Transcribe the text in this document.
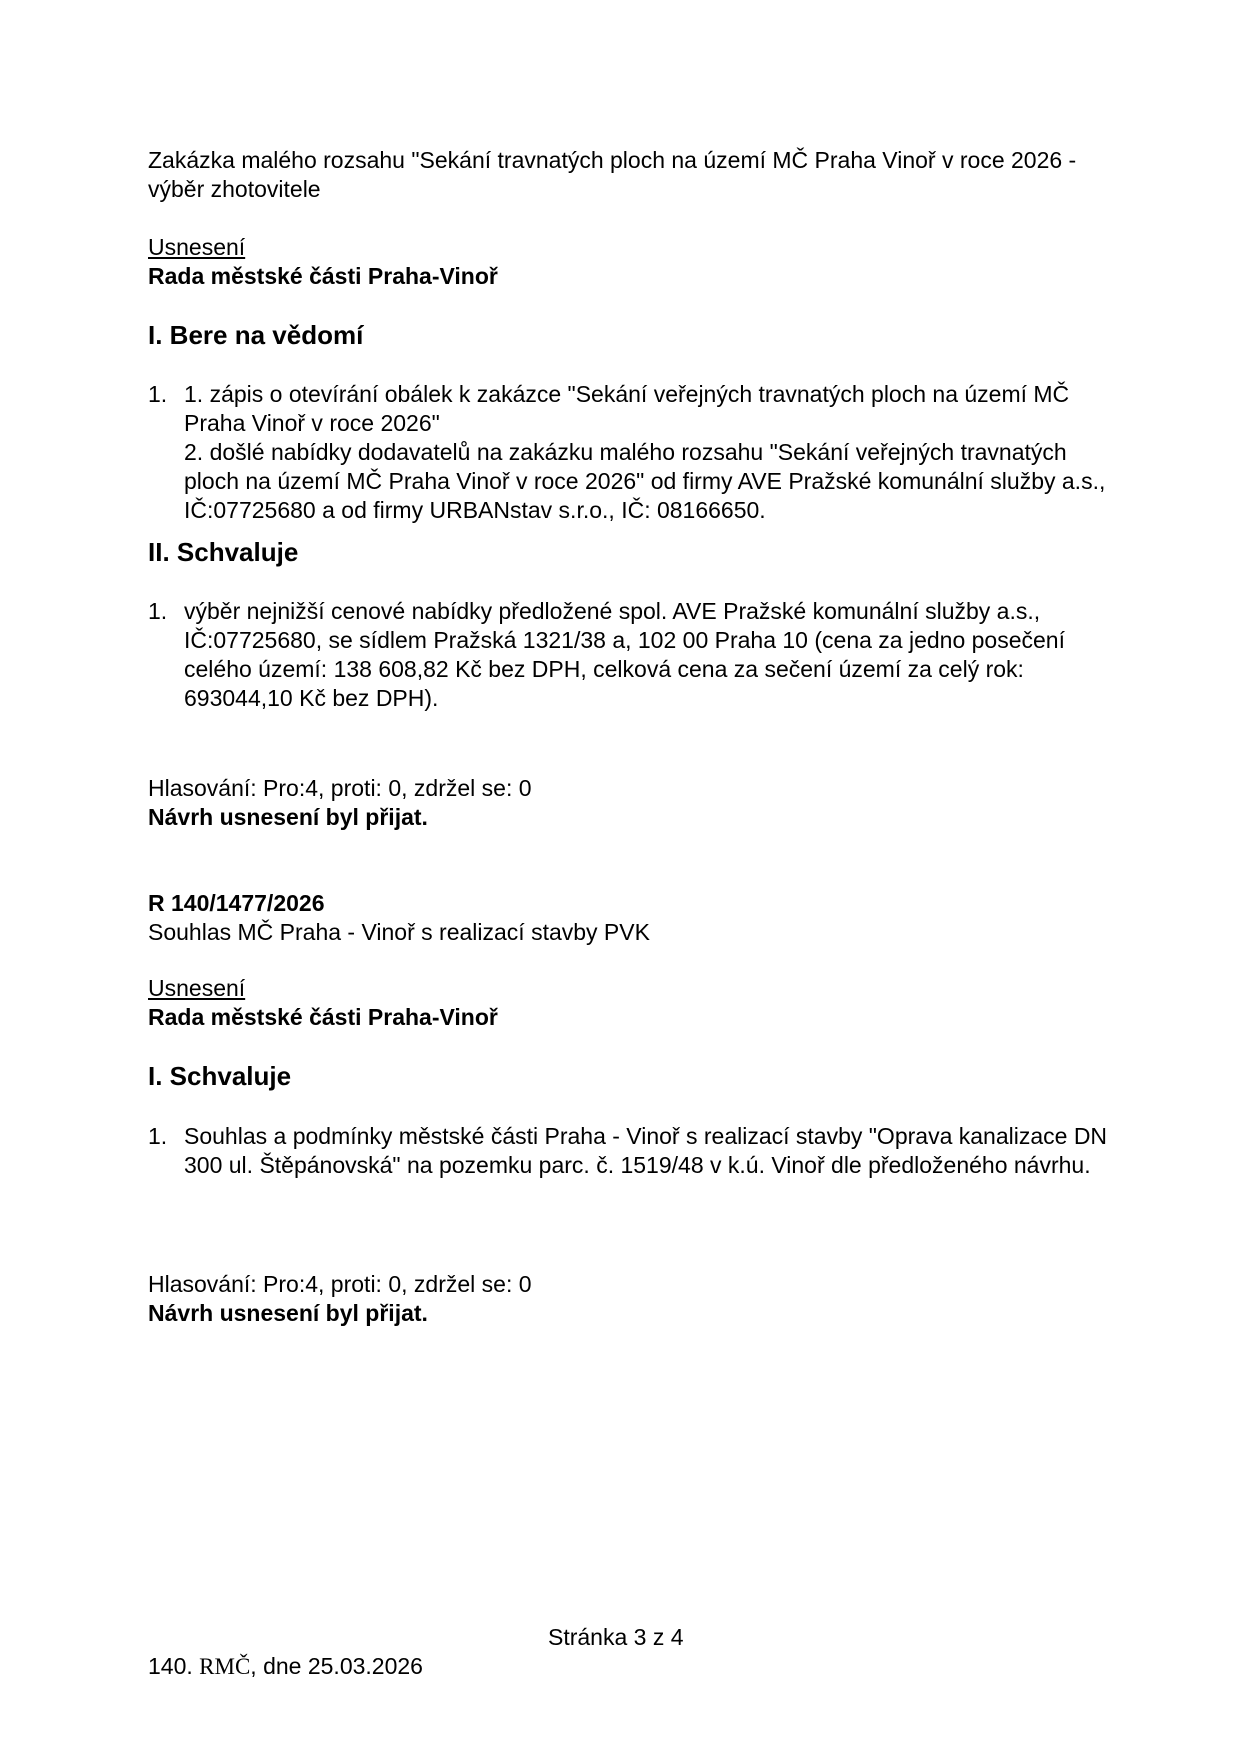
Zakázka malého rozsahu "Sekání travnatých ploch na území MČ Praha Vinoř v roce 2026 - výběr zhotovitele

Usnesení

Rada městské části Praha-Vinoř

I. Bere na vědomí

1. 1. zápis o otevírání obálek k zakázce "Sekání veřejných travnatých ploch na území MČ Praha Vinoř v roce 2026"

2. došlé nabídky dodavatelů na zakázku malého rozsahu "Sekání veřejných travnatých ploch na území MČ Praha Vinoř v roce 2026" od firmy AVE Pražské komunální služby a.s., IČ:07725680 a od firmy URBANstav s.r.o., IČ: 08166650.

II. Schvaluje

1. výběr nejnižší cenové nabídky předložené spol. AVE Pražské komunální služby a.s., IČ:07725680, se sídlem Pražská 1321/38 a, 102 00 Praha 10 (cena za jedno posečení celého území: 138 608,82 Kč bez DPH, celková cena za sečení území za celý rok: 693044,10 Kč bez DPH).

Hlasování: Pro:4, proti: 0, zdržel se: 0

Návrh usnesení byl přijat.

R 140/1477/2026

Souhlas MČ Praha - Vinoř s realizací stavby PVK

Usnesení

Rada městské části Praha-Vinoř

I. Schvaluje

1. Souhlas a podmínky městské části Praha - Vinoř s realizací stavby "Oprava kanalizace DN 300 ul. Štěpánovská" na pozemku parc. č. 1519/48 v k.ú. Vinoř dle předloženého návrhu.

Hlasování: Pro:4, proti: 0, zdržel se: 0

Návrh usnesení byl přijat.

Stránka 3 z 4
140. RMČ, dne 25.03.2026
